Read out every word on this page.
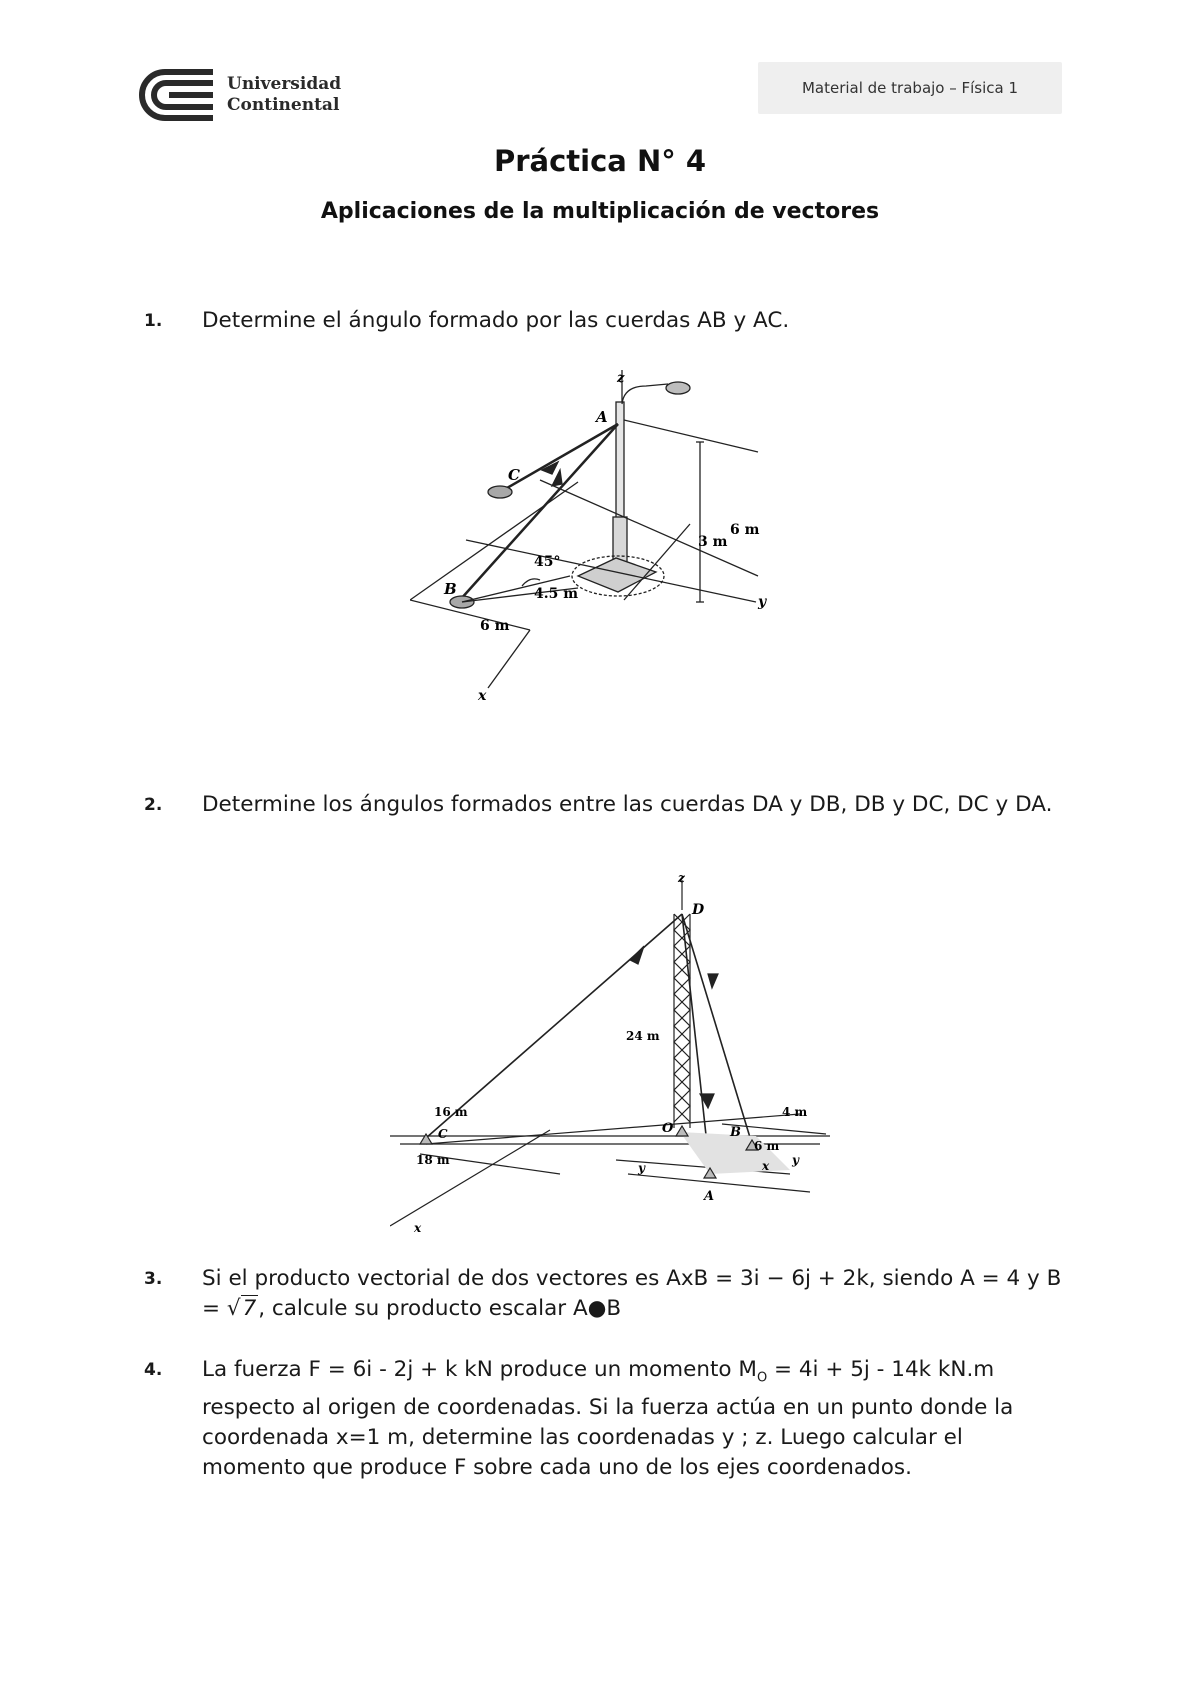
Universidad
Continental
Material de trabajo – Física 1
Práctica N° 4
Aplicaciones de la multiplicación de vectores
1. Determine el ángulo formado por las cuerdas AB y AC.
z
A
C
B
x
y
6 m
3 m
45°
4.5 m
6 m
2. Determine los ángulos formados entre las cuerdas DA y DB, DB y DC, DC y DA.
z
D
24 m
16 m
C
18 m
O	B
4 m
6 m
y
y	x
A
x
3. Si el producto vectorial de dos vectores es AxB = 3i − 6j + 2k, siendo A = 4 y B = √7, calcule su producto escalar A●B
4. La fuerza F = 6i - 2j + k kN produce un momento $M_O = 4i + 5j - 14k$ kN.m respecto al origen de coordenadas. Si la fuerza actúa en un punto donde la coordenada x=1 m, determine las coordenadas y ; z. Luego calcular el momento que produce F sobre cada uno de los ejes coordenados.
